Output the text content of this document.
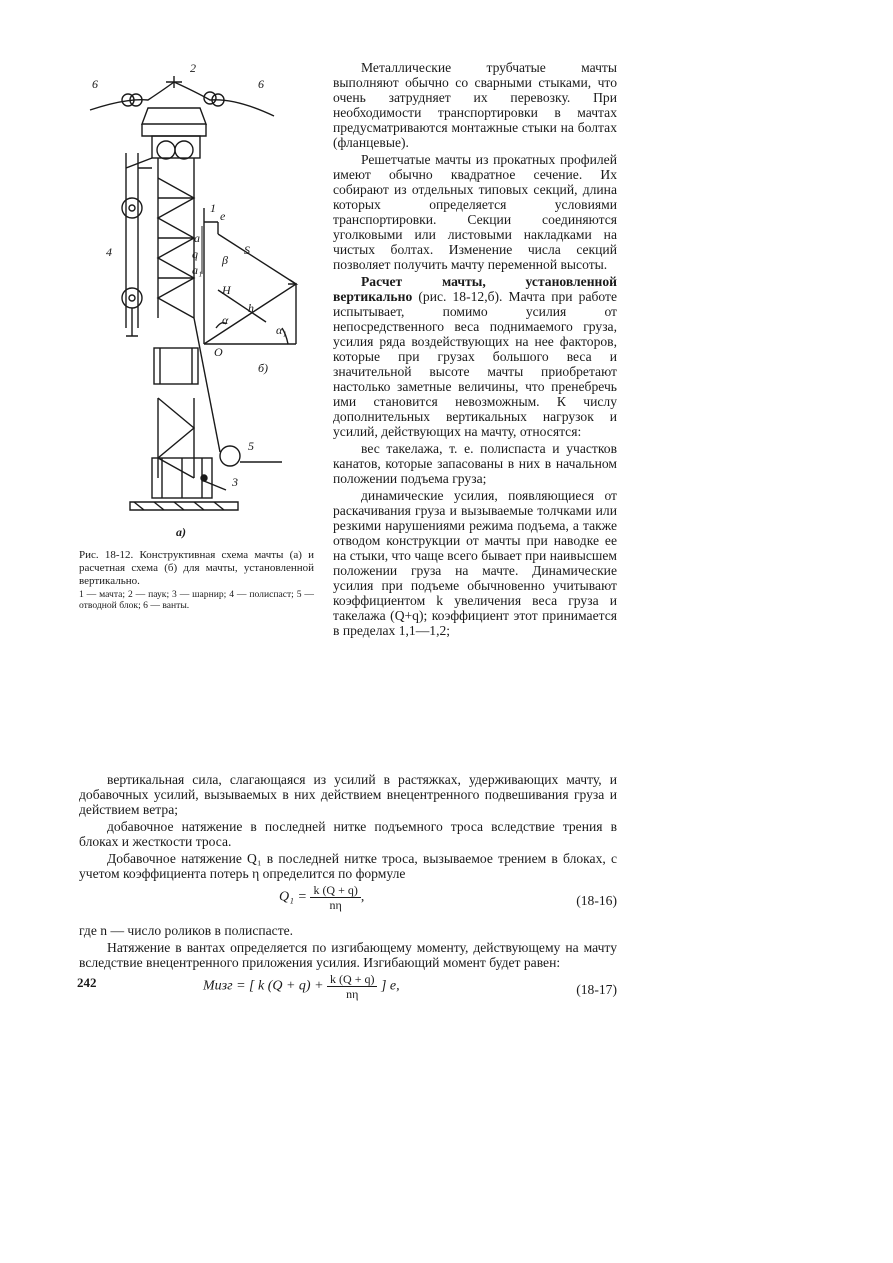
2
6	6
1
4
e
a
q
a₁
β
S
H
h
α
α₁
O
б)
5
3
а)
Рис. 18-12. Конструктивная схема мачты (а) и расчетная схема (б) для мачты, установленной вертикально.
1 — мачта; 2 — паук; 3 — шарнир; 4 — полиспаст; 5 — отводной блок; 6 — ванты.

Металлические трубчатые мачты выполняют обычно со сварными стыками, что очень затрудняет их перевозку. При необходимости транспортировки в мачтах предусматриваются монтажные стыки на болтах (фланцевые).

Решетчатые мачты из прокатных профилей имеют обычно квадратное сечение. Их собирают из отдельных типовых секций, длина которых определяется условиями транспортировки. Секции соединяются уголковыми или листовыми накладками на чистых болтах. Изменение числа секций позволяет получить мачту переменной высоты.

Расчет мачты, установленной вертикально (рис. 18-12,б). Мачта при работе испытывает, помимо усилия от непосредственного веса поднимаемого груза, усилия ряда воздействующих на нее факторов, которые при грузах большого веса и значительной высоте мачты приобретают настолько заметные величины, что пренебречь ими становится невозможным. К числу дополнительных вертикальных нагрузок и усилий, действующих на мачту, относятся:

вес такелажа, т. е. полиспаста и участков канатов, которые запасованы в них в начальном положении подъема груза;

динамические усилия, появляющиеся от раскачивания груза и вызываемые толчками или резкими нарушениями режима подъема, а также отводом конструкции от мачты при наводке ее на стыки, что чаще всего бывает при наивысшем положении груза на мачте. Динамические усилия при подъеме обычновенно учитывают коэффициентом k увеличения веса груза и такелажа (Q+q); коэффициент этот принимается в пределах 1,1—1,2;

вертикальная сила, слагающаяся из усилий в растяжках, удерживающих мачту, и добавочных усилий, вызываемых в них действием внецентренного подвешивания груза и действием ветра;

добавочное натяжение в последней нитке подъемного троса вследствие трения в блоках и жесткости троса.

Добавочное натяжение Q₁ в последней нитке троса, вызываемое трением в блоках, с учетом коэффициента потерь η определится по формуле

$Q_1 = \frac{k (Q + q)}{n\eta}$ ,	(18-16)

где n — число роликов в полиспасте.

Натяжение в вантах определяется по изгибающему моменту, действующему на мачту вследствие внецентренного приложения усилия. Изгибающий момент будет равен:

Mизг = [ k $(Q + q) + \frac{k (Q + q)}{n\eta}$ ] e,	(18-17)
242
